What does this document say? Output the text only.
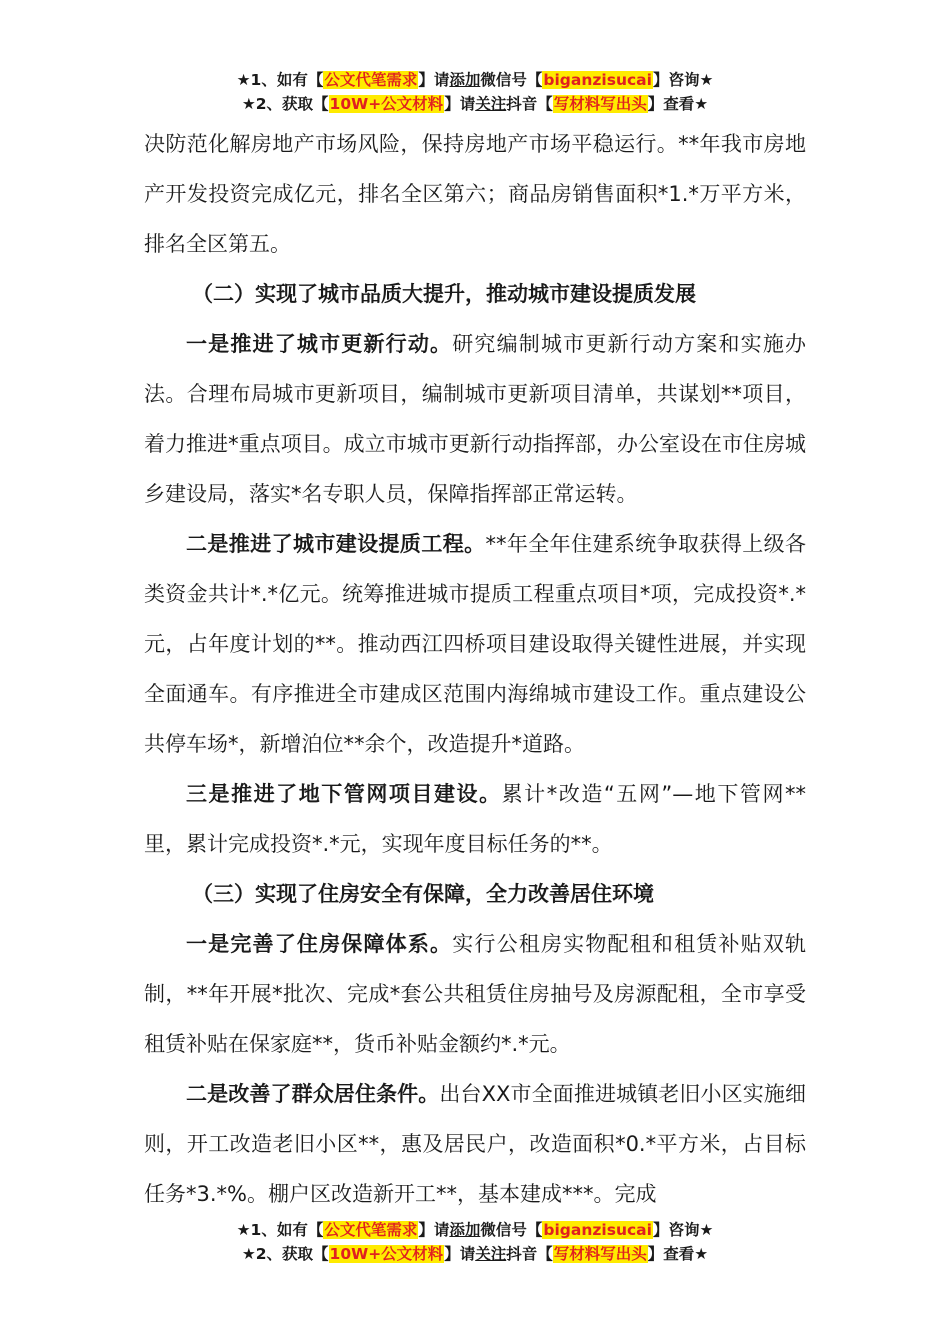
★1、如有【公文代笔需求】请添加微信号【biganzisucai】咨询★
★2、获取【10W+公文材料】请关注抖音【写材料写出头】查看★

决防范化解房地产市场风险，保持房地产市场平稳运行。**年我市房地产开发投资完成亿元，排名全区第六；商品房销售面积*1.*万平方米，排名全区第五。

（二）实现了城市品质大提升，推动城市建设提质发展

一是推进了城市更新行动。研究编制城市更新行动方案和实施办法。合理布局城市更新项目，编制城市更新项目清单，共谋划**项目，着力推进*重点项目。成立市城市更新行动指挥部，办公室设在市住房城乡建设局，落实*名专职人员，保障指挥部正常运转。

二是推进了城市建设提质工程。**年全年住建系统争取获得上级各类资金共计*.*亿元。统筹推进城市提质工程重点项目*项，完成投资*.*元，占年度计划的**。推动西江四桥项目建设取得关键性进展，并实现全面通车。有序推进全市建成区范围内海绵城市建设工作。重点建设公共停车场*，新增泊位**余个，改造提升*道路。

三是推进了地下管网项目建设。累计*改造“五网”—地下管网**里，累计完成投资*.*元，实现年度目标任务的**。

（三）实现了住房安全有保障，全力改善居住环境

一是完善了住房保障体系。实行公租房实物配租和租赁补贴双轨制，**年开展*批次、完成*套公共租赁住房抽号及房源配租，全市享受租赁补贴在保家庭**，货币补贴金额约*.*元。

二是改善了群众居住条件。出台XX市全面推进城镇老旧小区实施细则，开工改造老旧小区**，惠及居民户，改造面积*0.*平方米，占目标任务*3.*%。棚户区改造新开工**，基本建成***。完成

★1、如有【公文代笔需求】请添加微信号【biganzisucai】咨询★
★2、获取【10W+公文材料】请关注抖音【写材料写出头】查看★
